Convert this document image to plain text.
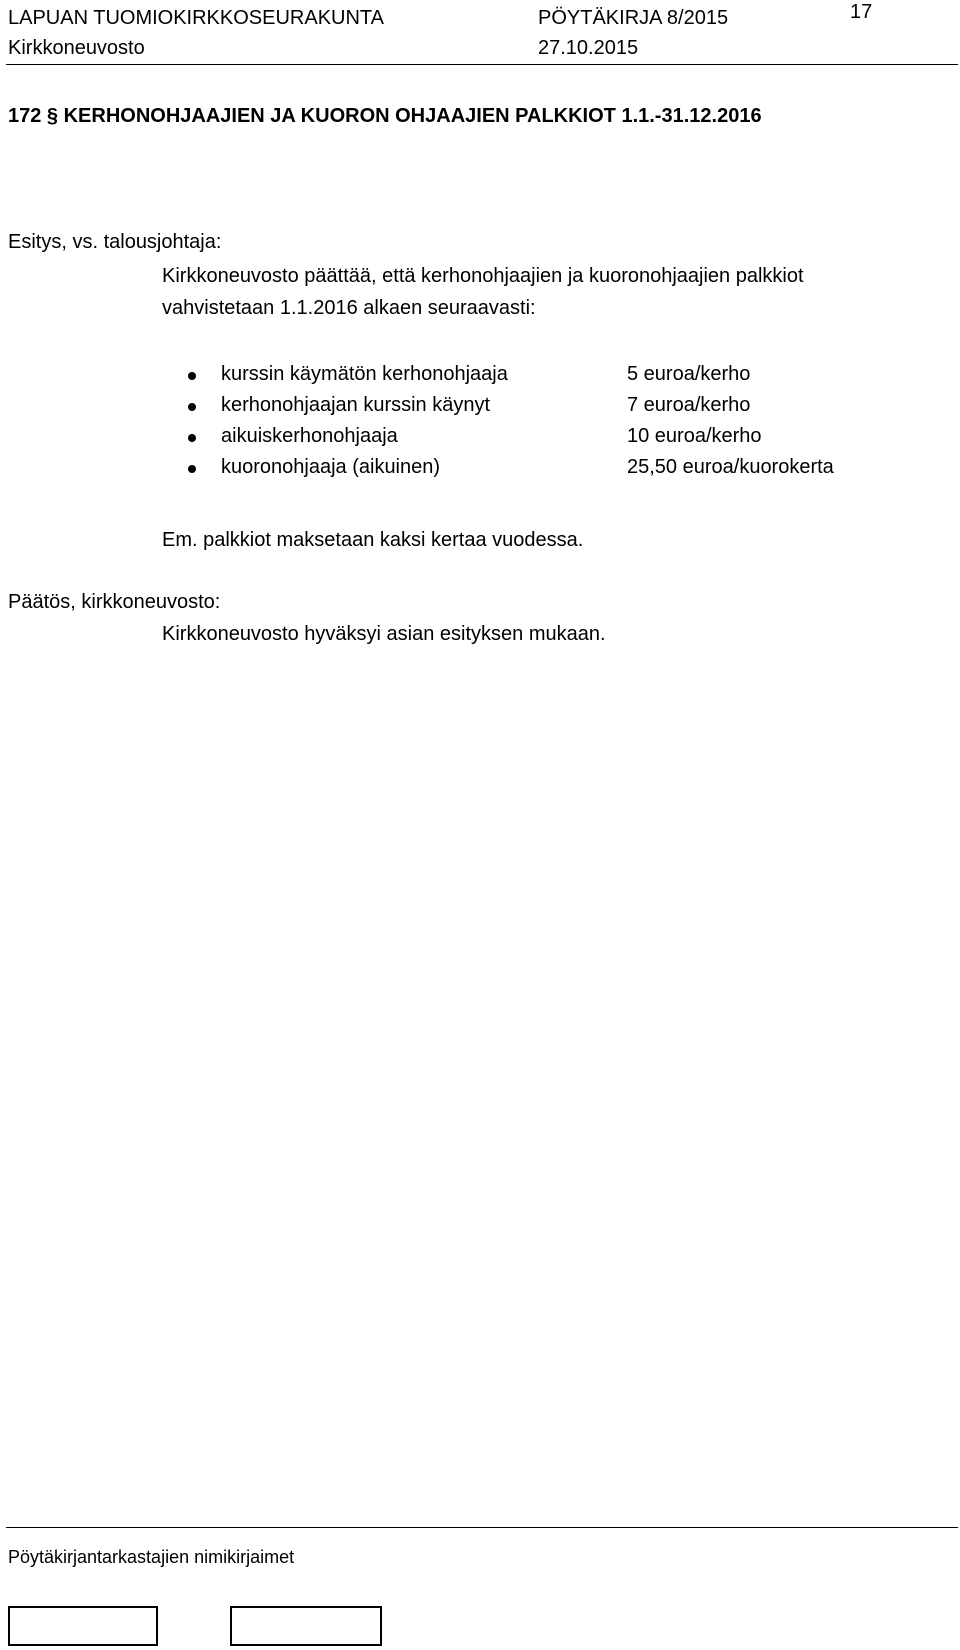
LAPUAN TUOMIOKIRKKOSEURAKUNTA	PÖYTÄKIRJA 8/2015
Kirkkoneuvosto	27.10.2015
17
172 § KERHONOHJAAJIEN JA KUORON OHJAAJIEN PALKKIOT 1.1.-31.12.2016
Esitys, vs. talousjohtaja:
Kirkkoneuvosto päättää, että kerhonohjaajien ja kuoronohjaajien palkkiot
vahvistetaan 1.1.2016 alkaen seuraavasti:
kurssin käymätön kerhonohjaaja	5 euroa/kerho
kerhonohjaajan kurssin käynyt	7 euroa/kerho
aikuiskerhonohjaaja	10 euroa/kerho
kuoronohjaaja (aikuinen)	25,50 euroa/kuorokerta
Em. palkkiot maksetaan kaksi kertaa vuodessa.
Päätös, kirkkoneuvosto:
Kirkkoneuvosto hyväksyi asian esityksen mukaan.
Pöytäkirjantarkastajien nimikirjaimet
